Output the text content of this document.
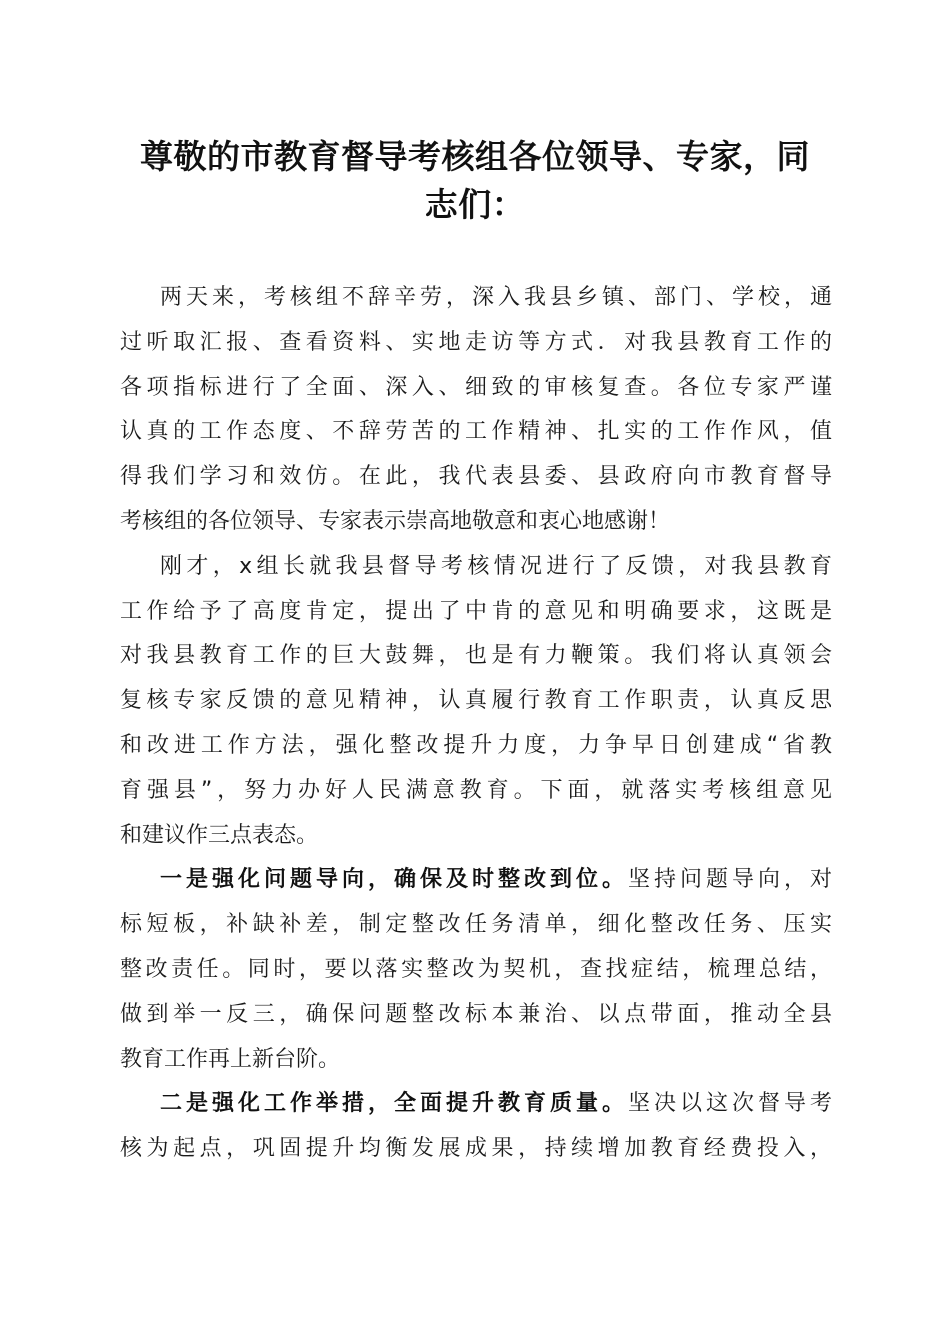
尊敬的市教育督导考核组各位领导、专家，同
志们：
两天来，考核组不辞辛劳，深入我县乡镇、部门、学校，通
过听取汇报、查看资料、实地走访等方式．对我县教育工作的
各项指标进行了全面、深入、细致的审核复查。各位专家严谨
认真的工作态度、不辞劳苦的工作精神、扎实的工作作风，值
得我们学习和效仿。在此，我代表县委、县政府向市教育督导
考核组的各位领导、专家表示崇高地敬意和衷心地感谢！
刚才，x组长就我县督导考核情况进行了反馈，对我县教育
工作给予了高度肯定，提出了中肯的意见和明确要求，这既是
对我县教育工作的巨大鼓舞，也是有力鞭策。我们将认真领会
复核专家反馈的意见精神，认真履行教育工作职责，认真反思
和改进工作方法，强化整改提升力度，力争早日创建成“省教
育强县”，努力办好人民满意教育。下面，就落实考核组意见
和建议作三点表态。
一是强化问题导向，确保及时整改到位。坚持问题导向，对
标短板，补缺补差，制定整改任务清单，细化整改任务、压实
整改责任。同时，要以落实整改为契机，查找症结，梳理总结，
做到举一反三，确保问题整改标本兼治、以点带面，推动全县
教育工作再上新台阶。
二是强化工作举措，全面提升教育质量。坚决以这次督导考
核为起点，巩固提升均衡发展成果，持续增加教育经费投入，
